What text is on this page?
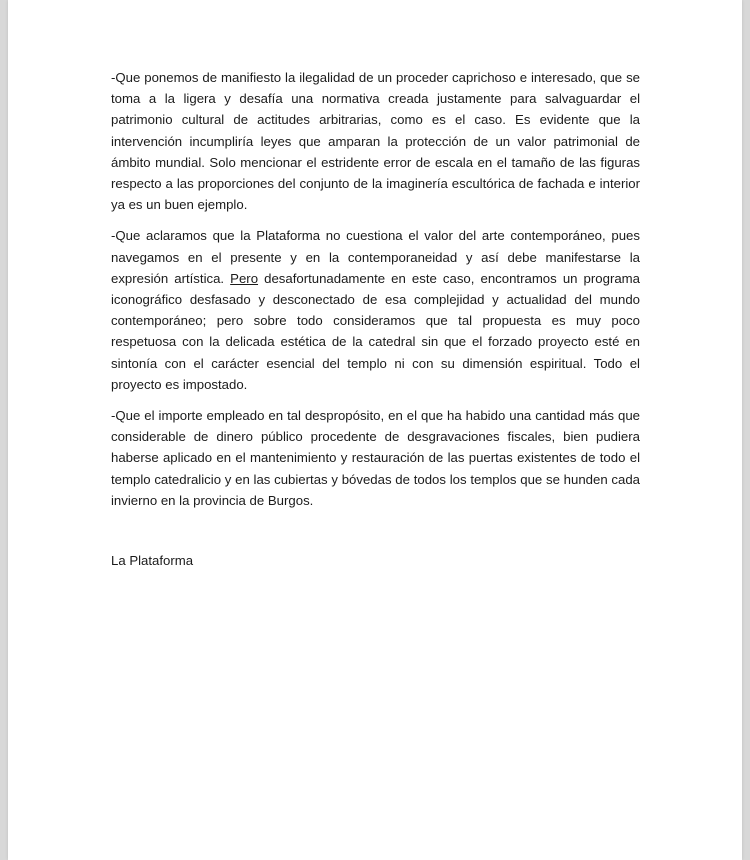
-Que ponemos de manifiesto la ilegalidad de un proceder caprichoso e interesado, que se toma a la ligera y desafía una normativa creada justamente para salvaguardar el patrimonio cultural de actitudes arbitrarias, como es el caso. Es evidente que la intervención incumpliría leyes que amparan la protección de un valor patrimonial de ámbito mundial. Solo mencionar el estridente error de escala en el tamaño de las figuras respecto a las proporciones del conjunto de la imaginería escultórica de fachada e interior ya es un buen ejemplo.

-Que aclaramos que la Plataforma no cuestiona el valor del arte contemporáneo, pues navegamos en el presente y en la contemporaneidad y así debe manifestarse la expresión artística. Pero desafortunadamente en este caso, encontramos un programa iconográfico desfasado y desconectado de esa complejidad y actualidad del mundo contemporáneo; pero sobre todo consideramos que tal propuesta es muy poco respetuosa con la delicada estética de la catedral sin que el forzado proyecto esté en sintonía con el carácter esencial del templo ni con su dimensión espiritual. Todo el proyecto es impostado.

-Que el importe empleado en tal despropósito, en el que ha habido una cantidad más que considerable de dinero público procedente de desgravaciones fiscales, bien pudiera haberse aplicado en el mantenimiento y restauración de las puertas existentes de todo el templo catedralicio y en las cubiertas y bóvedas de todos los templos que se hunden cada invierno en la provincia de Burgos.

La Plataforma
